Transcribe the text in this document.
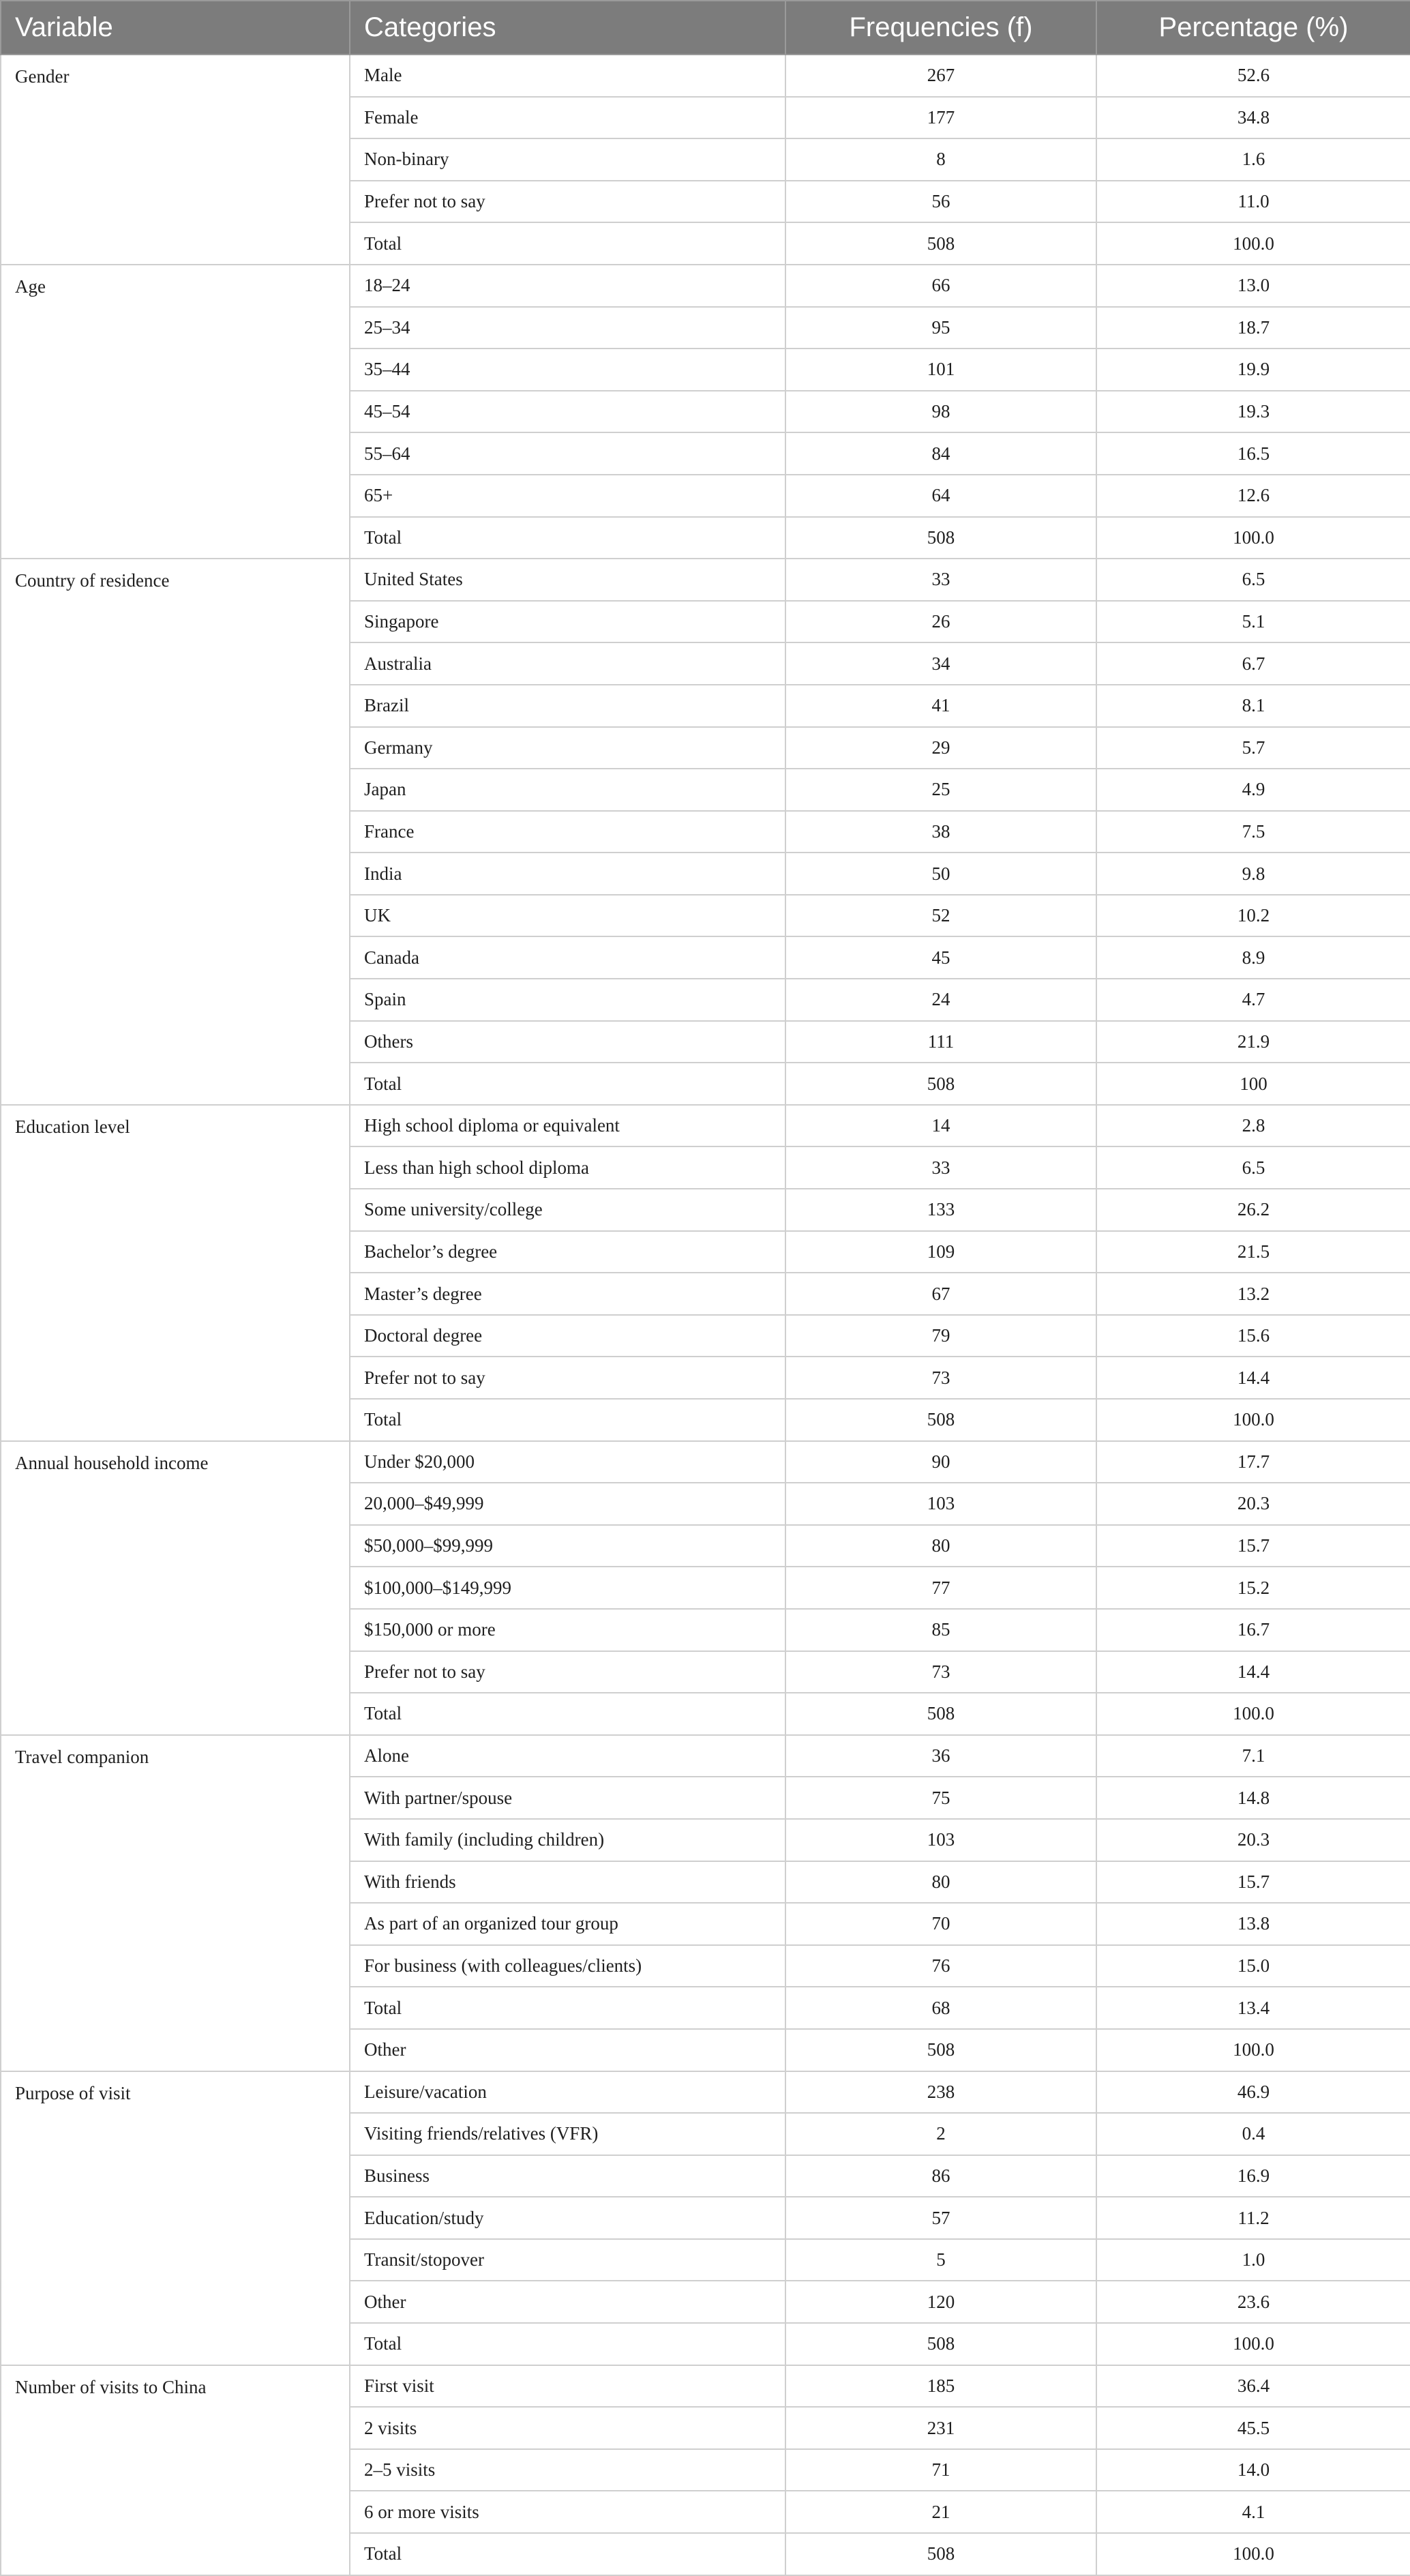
Variable	Categories	Frequencies (f)	Percentage (%)
Gender	Male	267	52.6
	Female	177	34.8
	Non-binary	8	1.6
	Prefer not to say	56	11.0
	Total	508	100.0
Age	18–24	66	13.0
	25–34	95	18.7
	35–44	101	19.9
	45–54	98	19.3
	55–64	84	16.5
	65+	64	12.6
	Total	508	100.0
Country of residence	United States	33	6.5
	Singapore	26	5.1
	Australia	34	6.7
	Brazil	41	8.1
	Germany	29	5.7
	Japan	25	4.9
	France	38	7.5
	India	50	9.8
	UK	52	10.2
	Canada	45	8.9
	Spain	24	4.7
	Others	111	21.9
	Total	508	100
Education level	High school diploma or equivalent	14	2.8
	Less than high school diploma	33	6.5
	Some university/college	133	26.2
	Bachelor’s degree	109	21.5
	Master’s degree	67	13.2
	Doctoral degree	79	15.6
	Prefer not to say	73	14.4
	Total	508	100.0
Annual household income	Under $20,000	90	17.7
	20,000–$49,999	103	20.3
	$50,000–$99,999	80	15.7
	$100,000–$149,999	77	15.2
	$150,000 or more	85	16.7
	Prefer not to say	73	14.4
	Total	508	100.0
Travel companion	Alone	36	7.1
	With partner/spouse	75	14.8
	With family (including children)	103	20.3
	With friends	80	15.7
	As part of an organized tour group	70	13.8
	For business (with colleagues/clients)	76	15.0
	Total	68	13.4
	Other	508	100.0
Purpose of visit	Leisure/vacation	238	46.9
	Visiting friends/relatives (VFR)	2	0.4
	Business	86	16.9
	Education/study	57	11.2
	Transit/stopover	5	1.0
	Other	120	23.6
	Total	508	100.0
Number of visits to China	First visit	185	36.4
	2 visits	231	45.5
	2–5 visits	71	14.0
	6 or more visits	21	4.1
	Total	508	100.0
